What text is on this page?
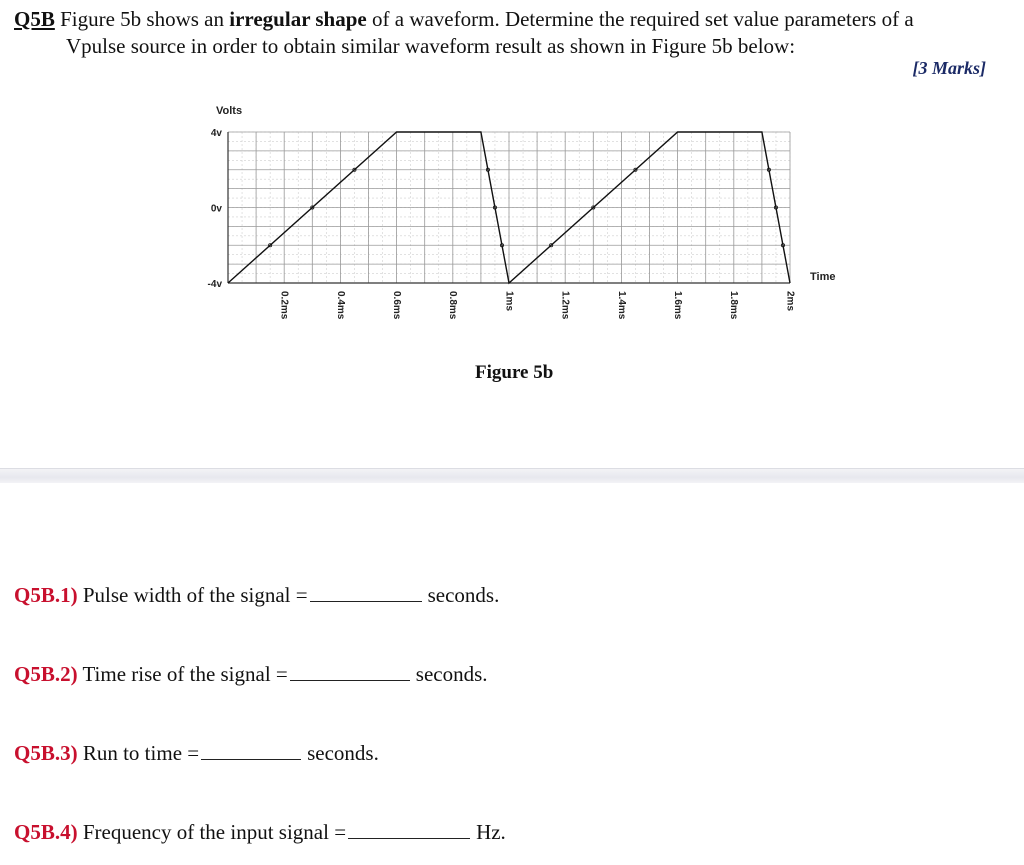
Q5B Figure 5b shows an irregular shape of a waveform. Determine the required set value parameters of a
Vpulse source in order to obtain similar waveform result as shown in Figure 5b below:
[3 Marks]
Volts
Time
4v
0v
-4v
0.2ms	0.4ms	0.6ms	0.8ms	1ms	1.2ms	1.4ms	1.6ms	1.8ms	2ms
Figure 5b
Q5B.1) Pulse width of the signal =	seconds.
Q5B.2) Time rise of the signal =	seconds.
Q5B.3) Run to time =	seconds.
Q5B.4) Frequency of the input signal =	Hz.
